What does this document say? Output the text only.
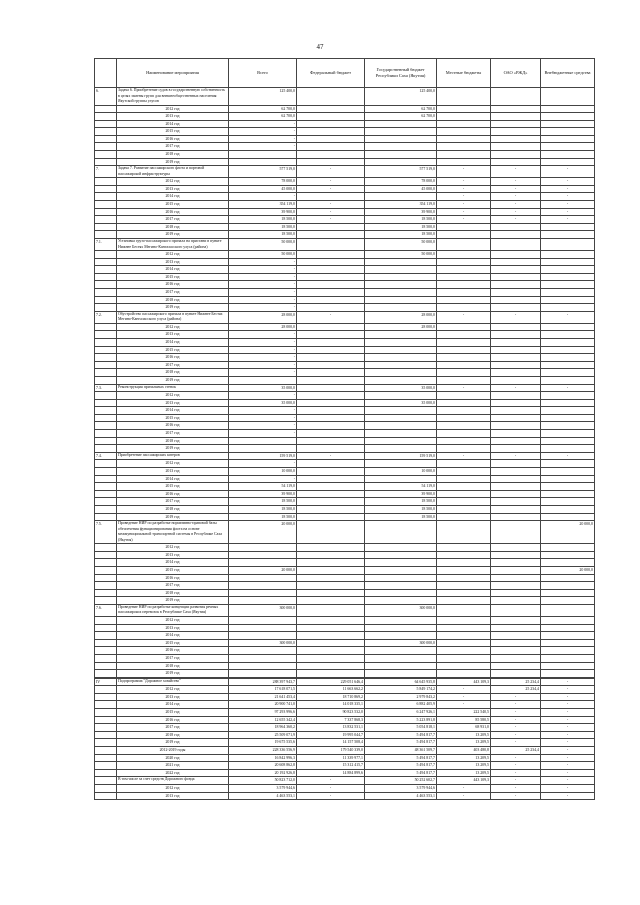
47
	Наименование мероприятия	Всего	Федеральный бюджет	Государственный бюджет Республики Саха (Якутия)	Местные бюджеты	ОАО «РЖД»	Внебюджетные средства
6.	Задача 6. Приобретение судов в государственную собственность в целях замены групп для внешнеобщественных населения Якутской группы улусов	125 400,0		125 400,0			
	2012 год	62 700,0		62 700,0			
	2013 год	62 700,0		62 700,0			
	2014 год	-					
	2015 год	-					
	2016 год	-					
	2017 год	-					
	2018 год						
	2019 год						
7.	Задача 7. Развитие пассажирского флота и портовой пассажирской инфраструктуры	577 519,0	-	577 519,0	-	-	-
	2012 год	78 000,0	-	78 000,0	-	-	-
	2013 год	45 000,0	-	45 000,0	-	-	-
	2014 год	-			-	-	-
	2015 год	354 119,0	-	354 119,0	-	-	-
	2016 год	39 900,0	-	39 900,0	-	-	-
	2017 год	18 500,0	-	18 500,0	-	-	-
	2018 год	18 500,0		18 500,0			
	2019 год	18 500,0		18 500,0			
7.1.	Установка грузо-пассажирского причала на пристани в пункте Нижнее Бестях Мегино-Кангаласского улуса (района)	50 000,0		50 000,0			
	2012 год	50 000,0		50 000,0			
	2013 год	-					
	2014 год	-					
	2015 год	-					
	2016 год	-					
	2017 год	-					
	2018 год	-					
	2019 год	-					
7.2.	Обустройство пассажирского причала в пункте Нижнее Бестях Мегино-Кангаласского улуса (района)	28 000,0	-	28 000,0	-	-	-
	2012 год	28 000,0		28 000,0			
	2013 год	-					
	2014 год	-					
	2015 год	-					
	2016 год	-					
	2017 год	-					
	2018 год	-					
	2019 год						
7.3.	Реконструкция причальных стенок	35 000,0		35 000,0	-	-	-
	2012 год	-					
	2013 год	35 000,0		35 000,0			
	2014 год	-					
	2015 год	-					
	2016 год	-					
	2017 год	-					
	2018 год						
	2019 год						
7.4.	Приобретение пассажирских катеров	159 519,0	-	159 519,0	-	-	-
	2012 год	-					
	2013 год	10 000,0		10 000,0			
	2014 год	-					
	2015 год	54 119,0		54 119,0			
	2016 год	39 900,0		39 900,0			
	2017 год	18 500,0		18 500,0			
	2018 год	18 500,0		18 500,0			
	2019 год	18 500,0		18 500,0			
7.5.	Проведение НИР по разработке нормативно-правовой базы обеспечения функционирования флота на основе межмуниципальной транспортной системы в Республике Саха (Якутия)	20 000,0					20 000,0
	2012 год						
	2013 год						
	2014 год						
	2015 год	20 000,0					20 000,0
	2016 год						
	2017 год						
	2018 год						
	2019 год						
7.6.	Проведение НИР по разработке концепции развития речных пассажирских перевозок в Республике Саха (Якутия)	300 000,0		300 000,0			
	2012 год						
	2013 год						
	2014 год						
	2015 год	300 000,0		300 000,0			
	2016 год						
	2017 год						
	2018 год						
	2019 год						

IV	Подпрограмма "Дорожное хозяйство"	288 397 943,7	229 051 646,4	64 645 935,8	443 109,3	25 234,4	-
	2012 год	17 618 071,5	11 663 662,2	5 849 174,2	-	25 234,4	-
	2013 год	21 641 453,4	18 710 869,2	2 979 843,2	-	-	-
	2014 год	20 900 741,0	14 018 335,1	6 882 405,9	-	-	-
	2015 год	97 293 996,6	90 823 532,0	6 247 926,1	222 540,5	-	-
	2016 год	12 655 342,4	7 337 868,3	5 223 891,8	85 580,5	-	-
	2017 год	18 964 360,2	13 832 531,1	5 054 818,1	68 931,0	-	-
	2018 год	25 509 071,9	19 995 044,7	5 494 817,7	13 209,5	-	-
	2019 год	19 675 535,6	14 157 508,4	5 494 817,7	13 209,5	-	-
	2012-2019 годы	228 336 556,9	179 540 339,0	48 361 509,7	403 480,8	25 234,4	-
	2020 год	16 842 996,3	11 339 977,1	5 494 817,7	13 209,5	-	-
	2021 год	20 608 862,8	15 312 415,7	5 494 817,7	13 209,5	-	-
	2022 год	20 192 926,8	14 884 899,6	5 494 817,7	13 209,5	-	-
	В том числе за счет средств Дорожного фонда	50 823 712,0	-	50 252 602,7	443 109,3	-	-
	2012 год	3 579 944,6	-	3 579 944,6	-	-	-
	2013 год	4 463 553,1	-	4 463 553,1	-	-	-
